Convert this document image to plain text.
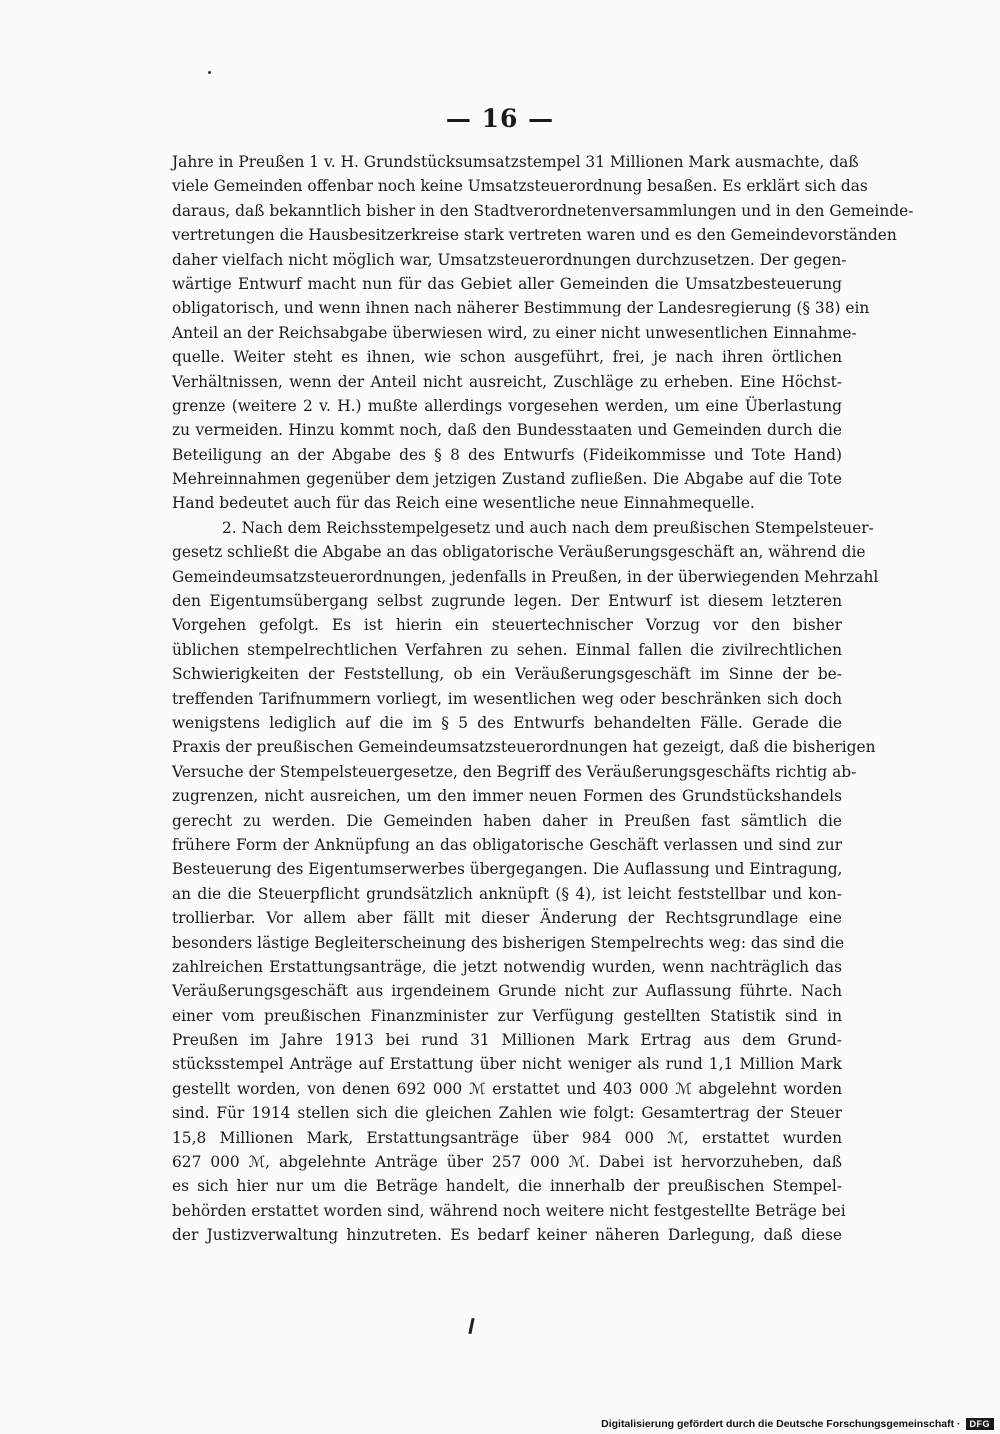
— 16 —
Jahre in Preußen 1 v. H. Grundstücksumsatzstempel 31 Millionen Mark ausmachte, daß
viele Gemeinden offenbar noch keine Umsatzsteuerordnung besaßen. Es erklärt sich das
daraus, daß bekanntlich bisher in den Stadtverordnetenversammlungen und in den Gemeinde-
vertretungen die Hausbesitzerkreise stark vertreten waren und es den Gemeindevorständen
daher vielfach nicht möglich war, Umsatzsteuerordnungen durchzusetzen. Der gegen-
wärtige Entwurf macht nun für das Gebiet aller Gemeinden die Umsatzbesteuerung
obligatorisch, und wenn ihnen nach näherer Bestimmung der Landesregierung (§ 38) ein
Anteil an der Reichsabgabe überwiesen wird, zu einer nicht unwesentlichen Einnahme-
quelle. Weiter steht es ihnen, wie schon ausgeführt, frei, je nach ihren örtlichen
Verhältnissen, wenn der Anteil nicht ausreicht, Zuschläge zu erheben. Eine Höchst-
grenze (weitere 2 v. H.) mußte allerdings vorgesehen werden, um eine Überlastung
zu vermeiden. Hinzu kommt noch, daß den Bundesstaaten und Gemeinden durch die
Beteiligung an der Abgabe des § 8 des Entwurfs (Fideikommisse und Tote Hand)
Mehreinnahmen gegenüber dem jetzigen Zustand zufließen. Die Abgabe auf die Tote
Hand bedeutet auch für das Reich eine wesentliche neue Einnahmequelle.
2. Nach dem Reichsstempelgesetz und auch nach dem preußischen Stempelsteuer-
gesetz schließt die Abgabe an das obligatorische Veräußerungsgeschäft an, während die
Gemeindeumsatzsteuerordnungen, jedenfalls in Preußen, in der überwiegenden Mehrzahl
den Eigentumsübergang selbst zugrunde legen. Der Entwurf ist diesem letzteren
Vorgehen gefolgt. Es ist hierin ein steuertechnischer Vorzug vor den bisher
üblichen stempelrechtlichen Verfahren zu sehen. Einmal fallen die zivilrechtlichen
Schwierigkeiten der Feststellung, ob ein Veräußerungsgeschäft im Sinne der be-
treffenden Tarifnummern vorliegt, im wesentlichen weg oder beschränken sich doch
wenigstens lediglich auf die im § 5 des Entwurfs behandelten Fälle. Gerade die
Praxis der preußischen Gemeindeumsatzsteuerordnungen hat gezeigt, daß die bisherigen
Versuche der Stempelsteuergesetze, den Begriff des Veräußerungsgeschäfts richtig ab-
zugrenzen, nicht ausreichen, um den immer neuen Formen des Grundstückshandels
gerecht zu werden. Die Gemeinden haben daher in Preußen fast sämtlich die
frühere Form der Anknüpfung an das obligatorische Geschäft verlassen und sind zur
Besteuerung des Eigentumserwerbes übergegangen. Die Auflassung und Eintragung,
an die die Steuerpflicht grundsätzlich anknüpft (§ 4), ist leicht feststellbar und kon-
trollierbar. Vor allem aber fällt mit dieser Änderung der Rechtsgrundlage eine
besonders lästige Begleiterscheinung des bisherigen Stempelrechts weg: das sind die
zahlreichen Erstattungsanträge, die jetzt notwendig wurden, wenn nachträglich das
Veräußerungsgeschäft aus irgendeinem Grunde nicht zur Auflassung führte. Nach
einer vom preußischen Finanzminister zur Verfügung gestellten Statistik sind in
Preußen im Jahre 1913 bei rund 31 Millionen Mark Ertrag aus dem Grund-
stücksstempel Anträge auf Erstattung über nicht weniger als rund 1,1 Million Mark
gestellt worden, von denen 692 000 ℳ erstattet und 403 000 ℳ abgelehnt worden
sind. Für 1914 stellen sich die gleichen Zahlen wie folgt: Gesamtertrag der Steuer
15,8 Millionen Mark, Erstattungsanträge über 984 000 ℳ, erstattet wurden
627 000 ℳ, abgelehnte Anträge über 257 000 ℳ. Dabei ist hervorzuheben, daß
es sich hier nur um die Beträge handelt, die innerhalb der preußischen Stempel-
behörden erstattet worden sind, während noch weitere nicht festgestellte Beträge bei
der Justizverwaltung hinzutreten. Es bedarf keiner näheren Darlegung, daß diese
Digitalisierung gefördert durch die Deutsche Forschungsgemeinschaft ·	DFG
